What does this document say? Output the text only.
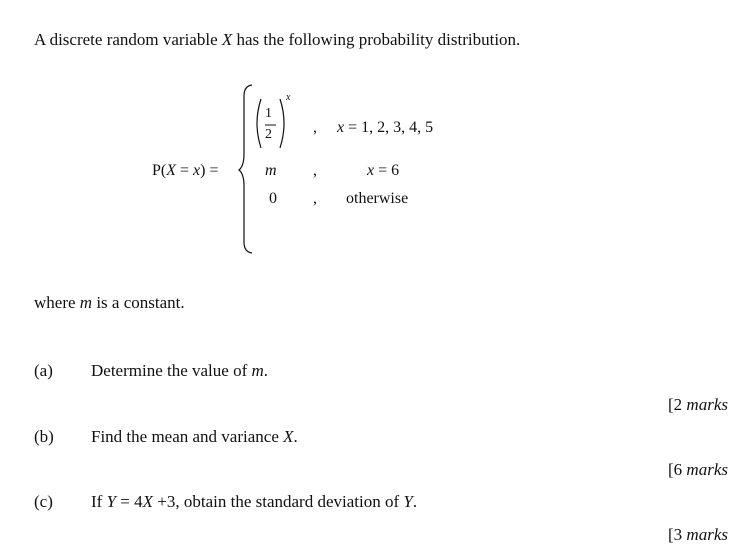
A discrete random variable X has the following probability distribution.
P(X = x) =
1
2
x
, x = 1, 2, 3, 4, 5
m ,	x = 6
0 , otherwise
where m is a constant.
(a) Determine the value of m.
[2 marks
(b) Find the mean and variance X.
[6 marks
(c) If Y = 4X +3, obtain the standard deviation of Y.
[3 marks
